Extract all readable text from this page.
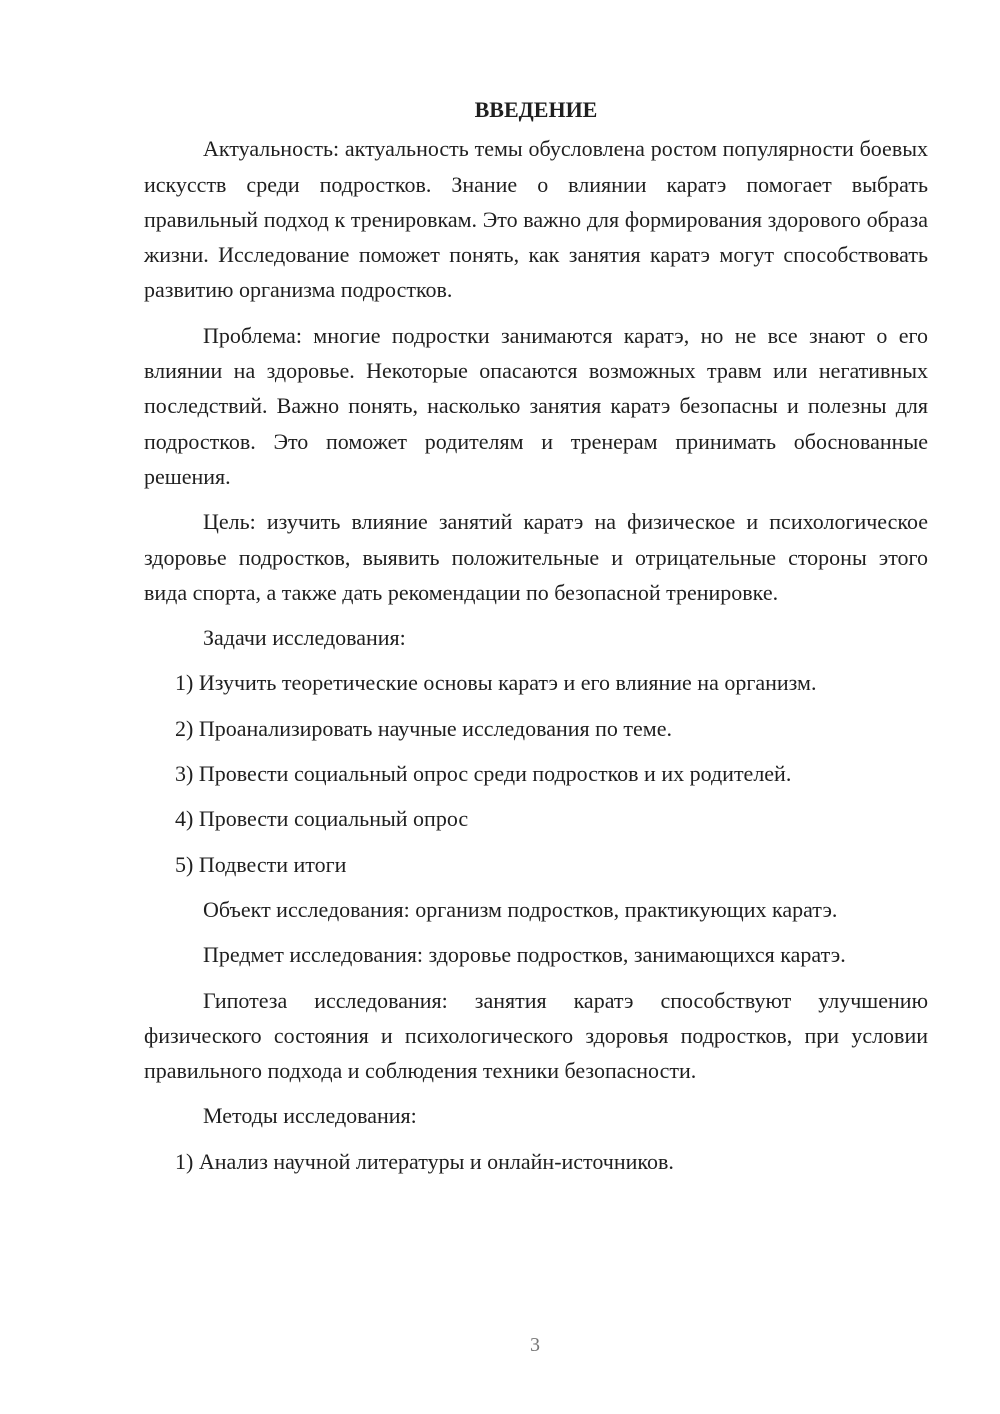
ВВЕДЕНИЕ

Актуальность: актуальность темы обусловлена ростом популярности боевых искусств среди подростков. Знание о влиянии каратэ помогает выбрать правильный подход к тренировкам. Это важно для формирования здорового образа жизни. Исследование поможет понять, как занятия каратэ могут способствовать развитию организма подростков.

Проблема: многие подростки занимаются каратэ, но не все знают о его влиянии на здоровье. Некоторые опасаются возможных травм или негативных последствий. Важно понять, насколько занятия каратэ безопасны и полезны для подростков. Это поможет родителям и тренерам принимать обоснованные решения.

Цель: изучить влияние занятий каратэ на физическое и психологическое здоровье подростков, выявить положительные и отрицательные стороны этого вида спорта, а также дать рекомендации по безопасной тренировке.

Задачи исследования:

1) Изучить теоретические основы каратэ и его влияние на организм.

2) Проанализировать научные исследования по теме.

3) Провести социальный опрос среди подростков и их родителей.

4) Провести социальный опрос

5) Подвести итоги

Объект исследования: организм подростков, практикующих каратэ.

Предмет исследования: здоровье подростков, занимающихся каратэ.

Гипотеза исследования: занятия каратэ способствуют улучшению физического состояния и психологического здоровья подростков, при условии правильного подхода и соблюдения техники безопасности.

Методы исследования:

1) Анализ научной литературы и онлайн-источников.

3
